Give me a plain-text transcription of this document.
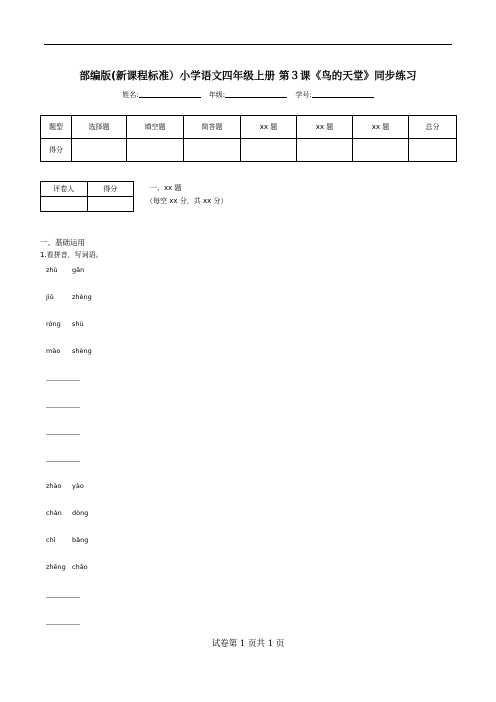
部编版(新课程标准）小学语文四年级上册 第３课《鸟的天堂》同步练习
姓名:	年级:	学号:
题型	选择题	填空题	简答题	xx 题	xx 题	xx 题	总分
得分							
评卷人	得分
		一、xx 题
（每空 xx 分，共 xx 分）
一、基础运用
1.看拼音，写词语。
zhù gān
jiǔ	zhèng
róng shù
mào shèng
zhào yào
chàn dòng
chì	bǎng
zhēng chǎo
试卷第 1 页共 1 页
